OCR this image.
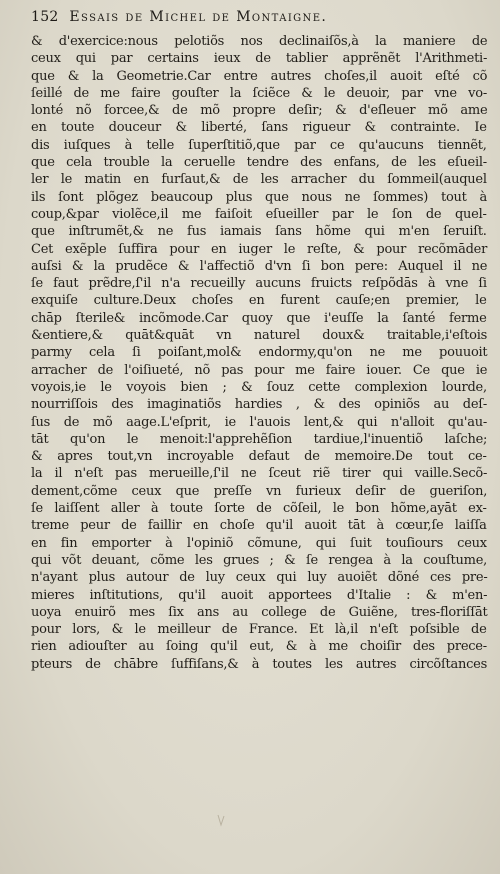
152 Essais de Michel de Montaigne.
& d'exercice:nous pelotiõs nos declinaiſõs,à la maniere de
ceux qui par certains ieux de tablier apprẽnẽt l'Arithmeti-
que & la Geometrie.Car entre autres choſes,il auoit eſté cõ
ſeillé de me faire gouſter la ſciẽce & le deuoir, par vne vo-
lonté nõ forcee,& de mõ propre deſir; & d'eſleuer mõ ame
en toute douceur & liberté, ſans rigueur & contrainte. Ie
dis iuſques à telle ſuperſtitiõ,que par ce qu'aucuns tiennẽt,
que cela trouble la ceruelle tendre des enfans, de les eſueil-
ler le matin en furſaut,& de les arracher du ſommeil(auquel
ils ſont plõgez beaucoup plus que nous ne ſommes) tout à
coup,&par violẽce,il me faiſoit eſueiller par le ſon de quel-
que inſtrumẽt,& ne fus iamais ſans hõme qui m'en ſeruiſt.
Cet exẽple ſuffira pour en iuger le reſte, & pour recõmāder
auſsi & la prudẽce & l'affectiõ d'vn ſi bon pere: Auquel il ne
ſe faut prẽdre,ſ'il n'a recueilly aucuns fruicts reſpõdās à vne ſi
exquiſe culture.Deux choſes en furent cauſe;en premier, le
chāp ſterile& incõmode.Car quoy que i'euſſe la ſanté ferme
&entiere,& quāt&quāt vn naturel doux& traitable,i'eſtois
parmy cela ſi poiſant,mol& endormy,qu'on ne me pouuoit
arracher de l'oiſiueté, nõ pas pour me faire iouer. Ce que ie
voyois,ie le voyois bien ; & ſouz cette complexion lourde,
nourriſſois des imaginatiõs hardies , & des opiniõs au deſ-
ſus de mõ aage.L'eſprit, ie l'auois lent,& qui n'alloit qu'au-
tāt qu'on le menoit:l'apprehẽſion tardiue,l'inuentiõ laſche;
& apres tout,vn incroyable defaut de memoire.De tout ce-
la il n'eſt pas merueille,ſ'il ne ſceut riẽ tirer qui vaille.Secõ-
dement,cõme ceux que preſſe vn furieux deſir de gueriſon,
ſe laiſſent aller à toute ſorte de cõſeil, le bon hõme,ayāt ex-
treme peur de faillir en choſe qu'il auoit tāt à cœur,ſe laiſſa
en fin emporter à l'opiniõ cõmune, qui ſuit touſiours ceux
qui võt deuant, cõme les grues ; & ſe rengea à la couſtume,
n'ayant plus autour de luy ceux qui luy auoiẽt dõné ces pre-
mieres inſtitutions, qu'il auoit apportees d'Italie : & m'en-
uoya enuirõ mes ſix ans au college de Guiẽne, tres-floriſſāt
pour lors, & le meilleur de France. Et là,il n'eſt poſsible de
rien adiouſter au ſoing qu'il eut, & à me choiſir des prece-
pteurs de chābre ſuffiſans,& à toutes les autres circõſtances
